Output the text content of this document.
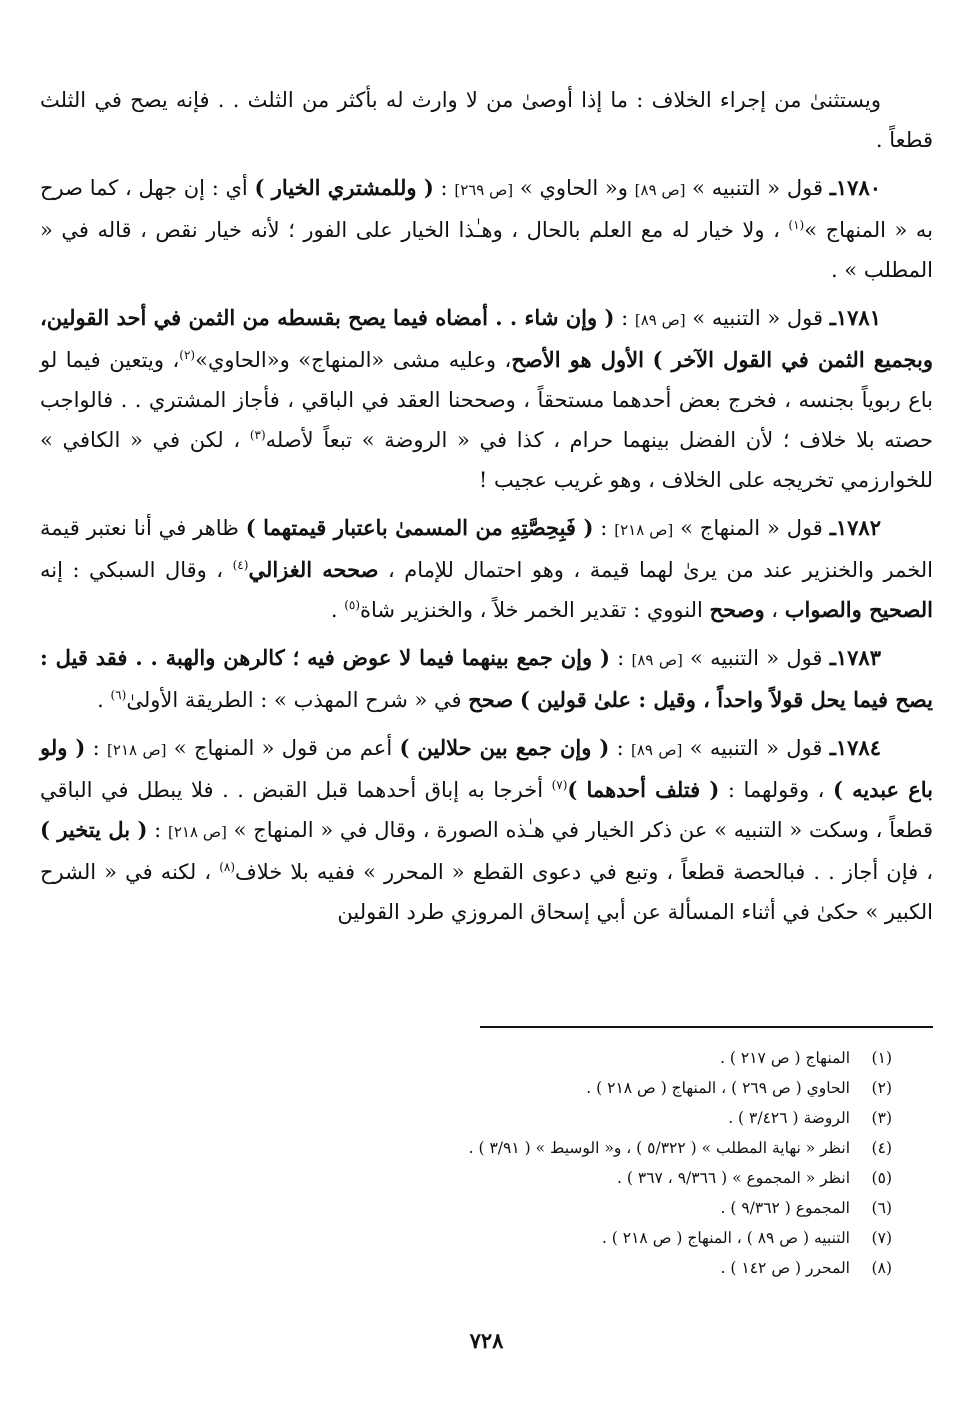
ويستثنىٰ من إجراء الخلاف : ما إذا أوصىٰ من لا وارث له بأكثر من الثلث . . فإنه يصح في الثلث قطعاً .

١٧٨٠ـ قول « التنبيه » [ص ٨٩] و« الحاوي » [ص ٢٦٩] : ( وللمشتري الخيار ) أي : إن جهل ، كما صرح به « المنهاج »$^{(١)}$ ، ولا خيار له مع العلم بالحال ، وهـٰذا الخيار على الفور ؛ لأنه خيار نقص ، قاله في « المطلب » .

١٧٨١ـ قول « التنبيه » [ص ٨٩] : ( وإن شاء . . أمضاه فيما يصح بقسطه من الثمن في أحد القولين، وبجميع الثمن في القول الآخر ) الأول هو الأصح، وعليه مشى «المنهاج» و«الحاوي»$^{(٢)}$، ويتعين فيما لو باع ربوياً بجنسه ، فخرج بعض أحدهما مستحقاً ، وصححنا العقد في الباقي ، فأجاز المشتري . . فالواجب حصته بلا خلاف ؛ لأن الفضل بينهما حرام ، كذا في « الروضة » تبعاً لأصله$^{(٣)}$ ، لكن في « الكافي » للخوارزمي تخريجه على الخلاف ، وهو غريب عجيب !

١٧٨٢ـ قول « المنهاج » [ص ٢١٨] : ( فَبِحِصَّتِهِ من المسمىٰ باعتبار قيمتهما ) ظاهر في أنا نعتبر قيمة الخمر والخنزير عند من يرىٰ لهما قيمة ، وهو احتمال للإمام ، صححه الغزالي$^{(٤)}$ ، وقال السبكي : إنه الصحيح والصواب ، وصحح النووي : تقدير الخمر خلاً ، والخنزير شاة$^{(٥)}$ .

١٧٨٣ـ قول « التنبيه » [ص ٨٩] : ( وإن جمع بينهما فيما لا عوض فيه ؛ كالرهن والهبة . . فقد قيل : يصح فيما يحل قولاً واحداً ، وقيل : علىٰ قولين ) صحح في « شرح المهذب » : الطريقة الأولىٰ$^{(٦)}$ .

١٧٨٤ـ قول « التنبيه » [ص ٨٩] : ( وإن جمع بين حلالين ) أعم من قول « المنهاج » [ص ٢١٨] : ( ولو باع عبديه ) ، وقولهما : ( فتلف أحدهما )$^{(٧)}$ أخرجا به إباق أحدهما قبل القبض . . فلا يبطل في الباقي قطعاً ، وسكت « التنبيه » عن ذكر الخيار في هـٰذه الصورة ، وقال في « المنهاج » [ص ٢١٨] : ( بل يتخير ) ، فإن أجاز . . فبالحصة قطعاً ، وتبع في دعوى القطع « المحرر » ففيه بلا خلاف$^{(٨)}$ ، لكنه في « الشرح الكبير » حكىٰ في أثناء المسألة عن أبي إسحاق المروزي طرد القولين

(١)المنهاج ( ص ٢١٧ ) .
(٢)الحاوي ( ص ٢٦٩ ) ، المنهاج ( ص ٢١٨ ) .
(٣)الروضة ( ٣/٤٢٦ ) .
(٤)انظر « نهاية المطلب » ( ٥/٣٢٢ ) ، و« الوسيط » ( ٣/٩١ ) .
(٥)انظر « المجموع » ( ٩/٣٦٦ ، ٣٦٧ ) .
(٦)المجموع ( ٩/٣٦٢ ) .
(٧)التنبيه ( ص ٨٩ ) ، المنهاج ( ص ٢١٨ ) .
(٨)المحرر ( ص ١٤٢ ) .
٧٢٨
